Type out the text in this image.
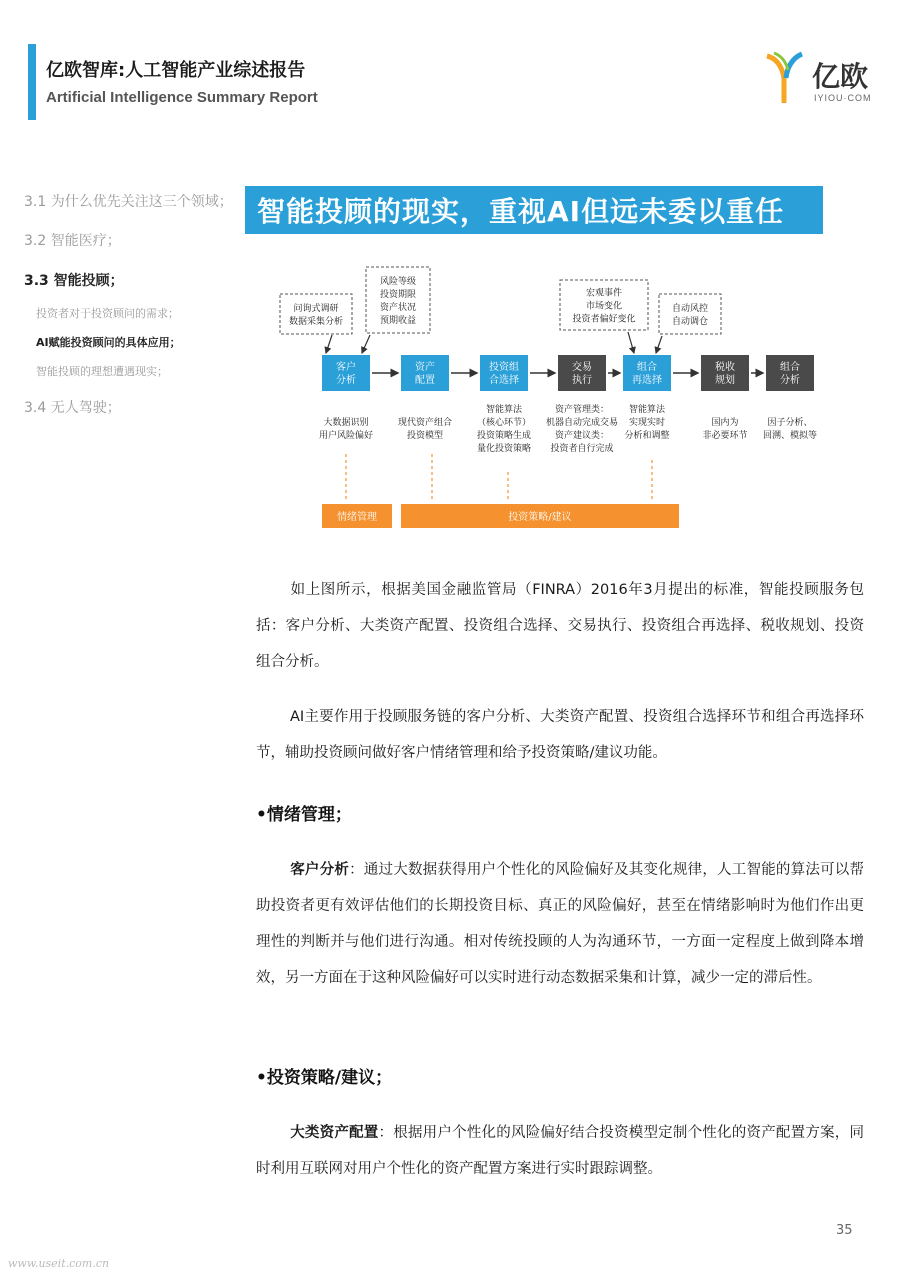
亿欧智库:人工智能产业综述报告
Artificial Intelligence Summary Report
亿欧
IYIOU·COM
3.1 为什么优先关注这三个领域；
3.2 智能医疗；
3.3 智能投顾；
投资者对于投资顾问的需求；
AI赋能投资顾问的具体应用；
智能投顾的理想遭遇现实；
3.4 无人驾驶；
智能投顾的现实，重视AI但远未委以重任
客户
分析
资产
配置
投资组
合选择
交易
执行
组合
再选择
税收
规划
组合
分析
问询式调研
数据采集分析
风险等级
投资期限
资产状况
预期收益
宏观事件
市场变化
投资者偏好变化
自动风控
自动调仓
大数据识别
用户风险偏好
现代资产组合
投资模型
智能算法
（核心环节）
投资策略生成
量化投资策略
资产管理类：
机器自动完成交易
资产建议类：
投资者自行完成
智能算法
实现实时
分析和调整
国内为
非必要环节
因子分析、
回溯、模拟等
情绪管理	投资策略/建议
如上图所示，根据美国金融监管局（FINRA）2016年3月提出的标准，智能投顾服务包括：客户分析、大类资产配置、投资组合选择、交易执行、投资组合再选择、税收规划、投资组合分析。
AI主要作用于投顾服务链的客户分析、大类资产配置、投资组合选择环节和组合再选择环节，辅助投资顾问做好客户情绪管理和给予投资策略/建议功能。
•情绪管理；
客户分析：通过大数据获得用户个性化的风险偏好及其变化规律，人工智能的算法可以帮助投资者更有效评估他们的长期投资目标、真正的风险偏好，甚至在情绪影响时为他们作出更理性的判断并与他们进行沟通。相对传统投顾的人为沟通环节，一方面一定程度上做到降本增效，另一方面在于这种风险偏好可以实时进行动态数据采集和计算，减少一定的滞后性。
•投资策略/建议；
大类资产配置：根据用户个性化的风险偏好结合投资模型定制个性化的资产配置方案，同时利用互联网对用户个性化的资产配置方案进行实时跟踪调整。
35
www.useit.com.cn
